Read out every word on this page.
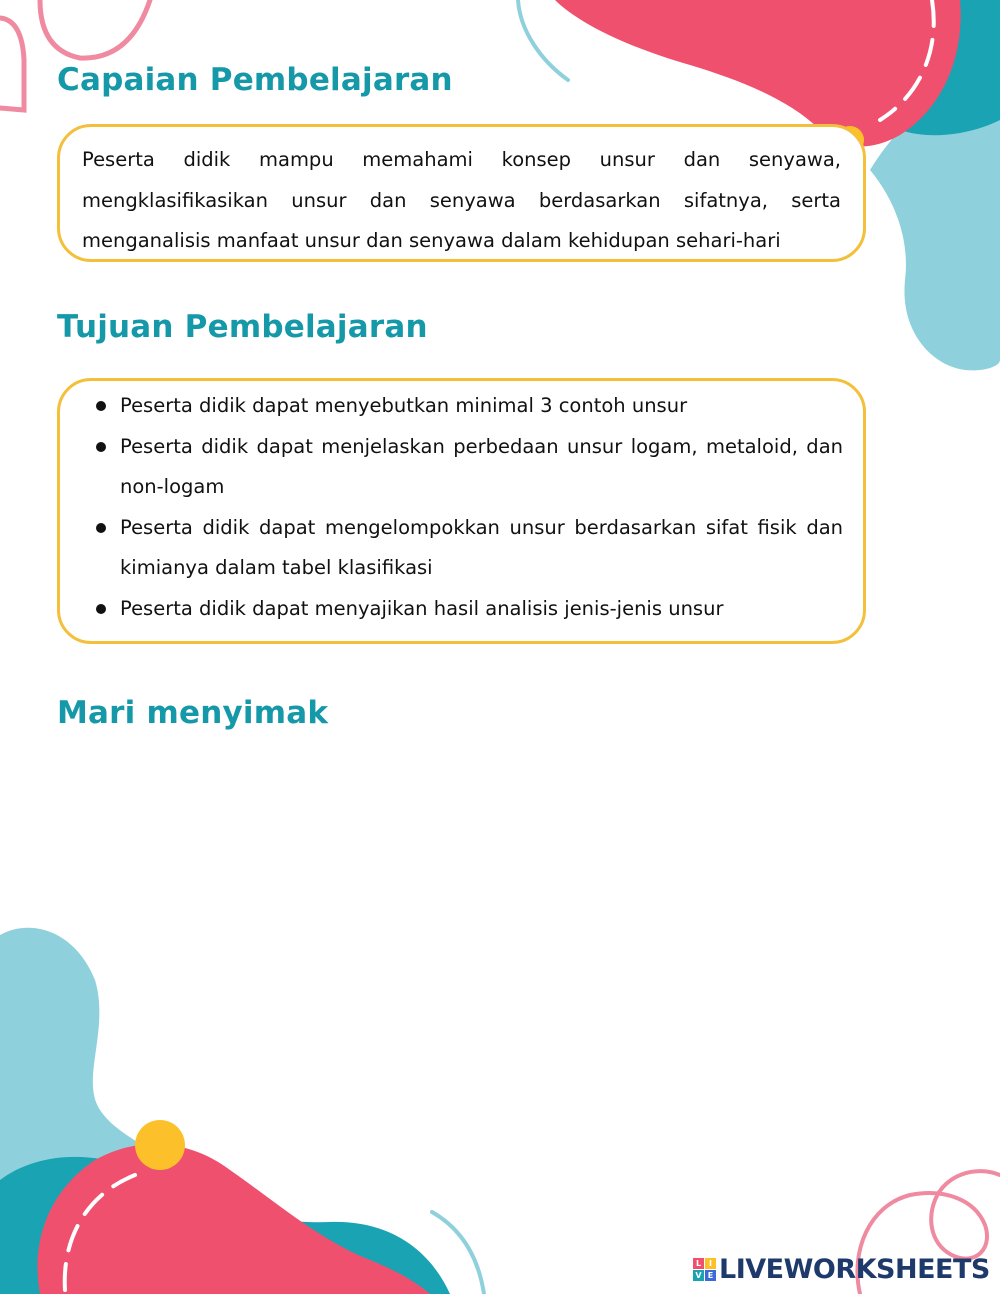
Capaian Pembelajaran

Peserta didik mampu memahami konsep unsur dan senyawa, mengklasifikasikan unsur dan senyawa berdasarkan sifatnya, serta menganalisis manfaat unsur dan senyawa dalam kehidupan sehari-hari

Tujuan Pembelajaran
Peserta didik dapat menyebutkan minimal 3 contoh unsur
Peserta didik dapat menjelaskan perbedaan unsur logam, metaloid, dan non-logam
Peserta didik dapat mengelompokkan unsur berdasarkan sifat fisik dan kimianya dalam tabel klasifikasi
Peserta didik dapat menyajikan hasil analisis jenis-jenis unsur
Mari menyimak
L I
V E LIVEWORKSHEETS
